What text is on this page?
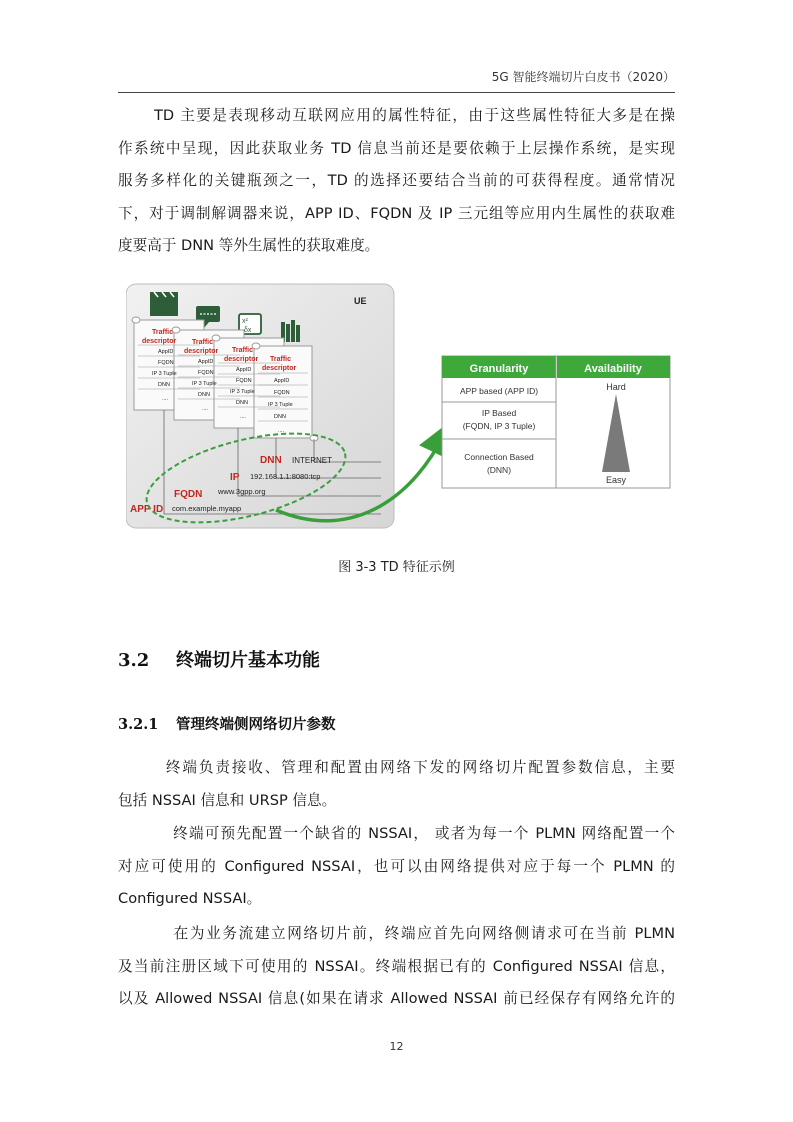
5G 智能终端切片白皮书（2020）
TD 主要是表现移动互联网应用的属性特征，由于这些属性特征大多是在操
作系统中呈现，因此获取业务 TD 信息当前还是要依赖于上层操作系统，是实现
服务多样化的关键瓶颈之一，TD 的选择还要结合当前的可获得程度。通常情况
下，对于调制解调器来说，APP ID、FQDN 及 IP 三元组等应用内生属性的获取难
度要高于 DNN 等外生属性的获取难度。
UE
x²
δx
Traffic
descriptor Traffic
descriptor Traffic
descriptor Traffic
descriptor
AppID
FQDN
IP 3 Tuple
DNN
....
AppID
FQDN
IP 3 Tuple
DNN
....
AppID
FQDN
IP 3 Tuple
DNN
....
AppID
FQDN
IP 3 Tuple
DNN
....
DNN INTERNET
IP 192.168.1.1:8080:tcp
FQDN www.3gpp.org
APP ID com.example.myapp
Granularity	Availability
APP based (APP ID)
IP Based
(FQDN, IP 3 Tuple)
Connection Based
(DNN)
Hard
Easy
图 3-3 TD 特征示例
3.2 终端切片基本功能
3.2.1 管理终端侧网络切片参数
终端负责接收、管理和配置由网络下发的网络切片配置参数信息，主要
包括 NSSAI 信息和 URSP 信息。
终端可预先配置一个缺省的 NSSAI， 或者为每一个 PLMN 网络配置一个
对应可使用的 Configured NSSAI，也可以由网络提供对应于每一个 PLMN 的
Configured NSSAI。
在为业务流建立网络切片前，终端应首先向网络侧请求可在当前 PLMN
及当前注册区域下可使用的 NSSAI。终端根据已有的 Configured NSSAI 信息，
以及 Allowed NSSAI 信息(如果在请求 Allowed NSSAI 前已经保存有网络允许的
12
